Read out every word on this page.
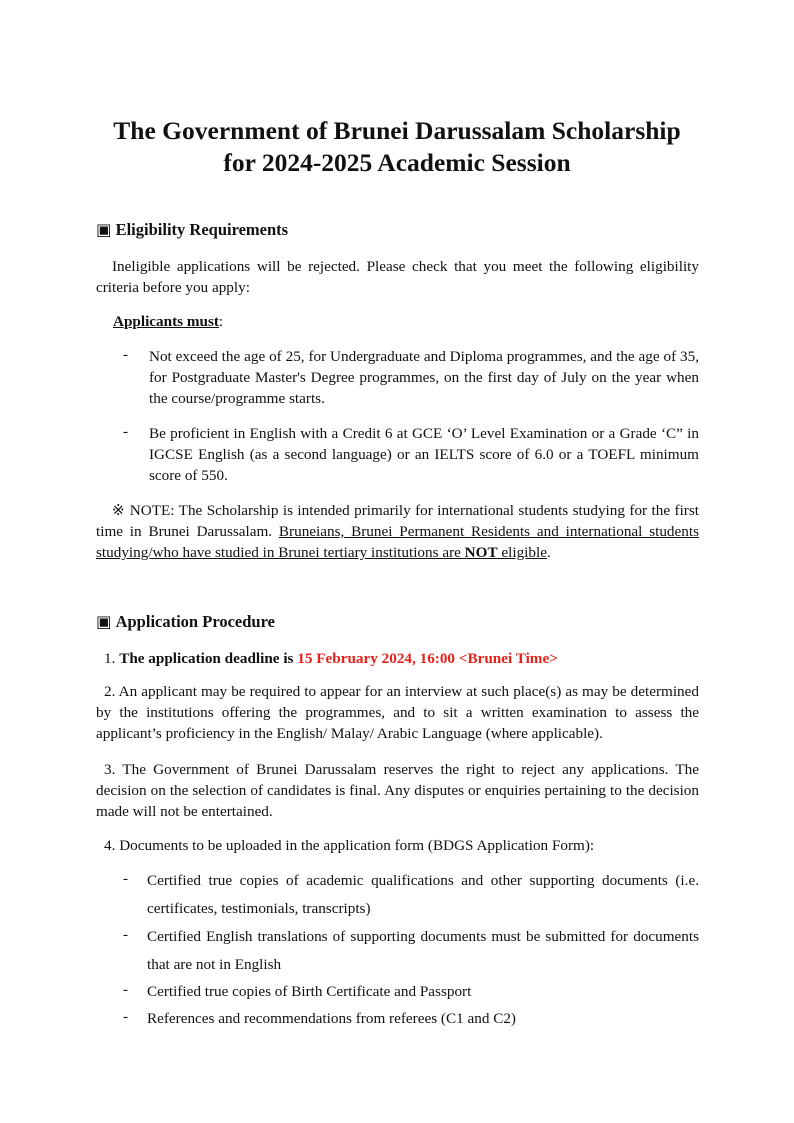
The Government of Brunei Darussalam Scholarship
for 2024-2025 Academic Session
▣ Eligibility Requirements
Ineligible applications will be rejected. Please check that you meet the following eligibility criteria before you apply:
Applicants must:
- Not exceed the age of 25, for Undergraduate and Diploma programmes, and the age of 35, for Postgraduate Master's Degree programmes, on the first day of July on the year when the course/programme starts.
- Be proficient in English with a Credit 6 at GCE ‘O’ Level Examination or a Grade ‘C” in IGCSE English (as a second language) or an IELTS score of 6.0 or a TOEFL minimum score of 550.
※ NOTE: The Scholarship is intended primarily for international students studying for the first time in Brunei Darussalam. Bruneians, Brunei Permanent Residents and international students studying/who have studied in Brunei tertiary institutions are NOT eligible.
▣ Application Procedure
1. The application deadline is 15 February 2024, 16:00 <Brunei Time>
2. An applicant may be required to appear for an interview at such place(s) as may be determined by the institutions offering the programmes, and to sit a written examination to assess the applicant’s proficiency in the English/ Malay/ Arabic Language (where applicable).
3. The Government of Brunei Darussalam reserves the right to reject any applications. The decision on the selection of candidates is final. Any disputes or enquiries pertaining to the decision made will not be entertained.
4. Documents to be uploaded in the application form (BDGS Application Form):
- Certified true copies of academic qualifications and other supporting documents (i.e. certificates, testimonials, transcripts)
- Certified English translations of supporting documents must be submitted for documents that are not in English
- Certified true copies of Birth Certificate and Passport
- References and recommendations from referees (C1 and C2)
